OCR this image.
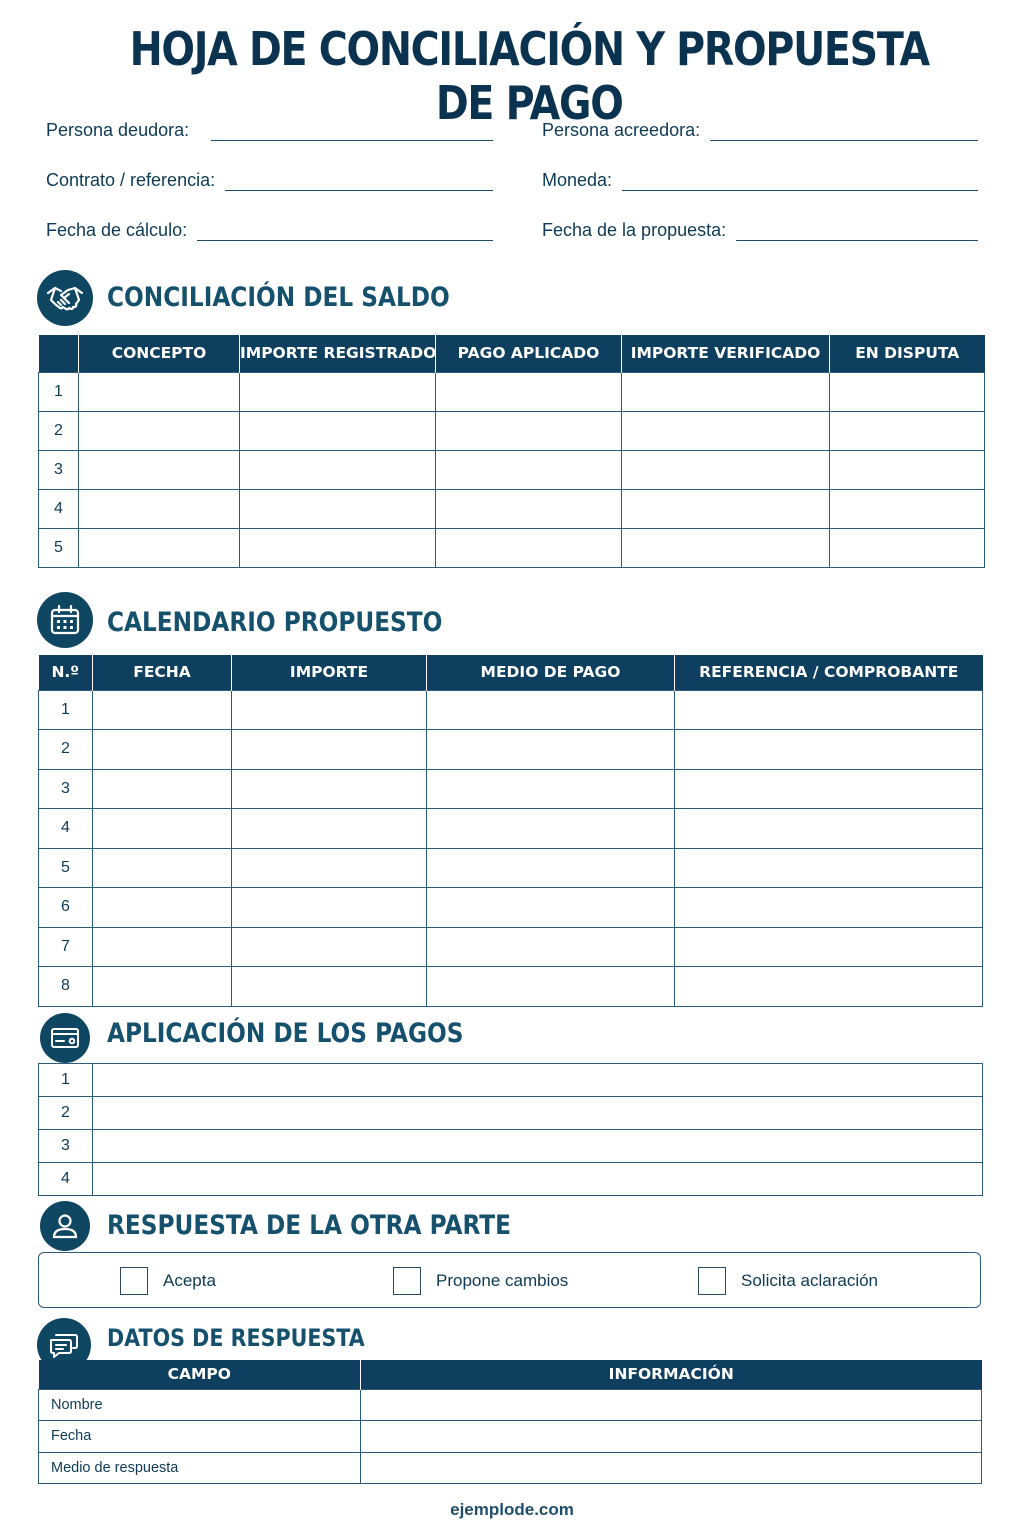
HOJA DE CONCILIACIÓN Y PROPUESTA DE PAGO
Persona deudora:	Persona acreedora:
Contrato / referencia:	Moneda:
Fecha de cálculo:	Fecha de la propuesta:
CONCILIACIÓN DEL SALDO
	CONCEPTO	IMPORTE REGISTRADO	PAGO APLICADO	IMPORTE VERIFICADO	EN DISPUTA
1					
2					
3					
4					
5					
CALENDARIO PROPUESTO
N.º	FECHA	IMPORTE	MEDIO DE PAGO	REFERENCIA / COMPROBANTE
1				
2				
3				
4				
5				
6				
7				
8				
APLICACIÓN DE LOS PAGOS
1	
2	
3	
4	
RESPUESTA DE LA OTRA PARTE
Acepta	Propone cambios	Solicita aclaración
DATOS DE RESPUESTA
CAMPO	INFORMACIÓN
Nombre	
Fecha	
Medio de respuesta	
ejemplode.com
